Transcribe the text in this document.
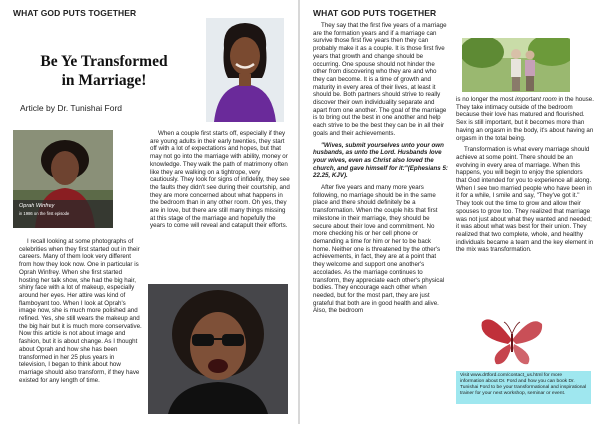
WHAT GOD PUTS TOGETHER
Be Ye Transformed
in Marriage!
Article by Dr. Tunishai Ford
Oprah Winfrey
in 1986 on the first episode

I recall looking at some photographs of celebrities when they first started out in their careers. Many of them look very different from how they look now. One in particular is Oprah Winfrey. When she first started hosting her talk show, she had the big hair, shiny face with a lot of makeup, especially around her eyes. Her attire was kind of flamboyant too. When I look at Oprah's image now, she is much more polished and refined. Yes, she still wears the makeup and the big hair but it is much more conservative. Now this article is not about image and fashion, but it is about change. As I thought about Oprah and how she has been transformed in her 25 plus years in television, I began to think about how marriage should also transform, if they have existed for any length of time.

When a couple first starts off, especially if they are young adults in their early twenties, they start off with a lot of expectations and hopes, but that may not go into the marriage with ability, money or knowledge. They walk the path of matrimony often like they are walking on a tightrope, very cautiously. They look for signs of infidelity, they see the faults they didn't see during their courtship, and they are more concerned about what happens in the bedroom than in any other room. Oh yes, they are in love, but there are still many things missing at this stage of the marriage and hopefully the years to come will reveal and catapult their efforts.

WHAT GOD PUTS TOGETHER

They say that the first five years of a marriage are the formation years and if a marriage can survive those first five years then they can probably make it as a couple. It is those first five years that growth and change should be occurring. One spouse should not hinder the other from discovering who they are and who they can become. It is a time of growth and maturity in every area of their lives, at least it should be. Both partners should strive to really discover their own individuality separate and apart from one another. The goal of the marriage is to bring out the best in one another and help each strive to be the best they can be in all their goals and their achievements.

"Wives, submit yourselves unto your own husbands, as unto the Lord. Husbands love your wives, even as Christ also loved the church, and gave himself for it:"(Ephesians 5: 22.25, KJV).

After five years and many more years following, no marriage should be in the same place and there should definitely be a transformation. When the couple hits that first milestone in their marriage, they should be secure about their love and commitment. No more checking his or her cell phone or demanding a time for him or her to be back home. Neither one is threatened by the other's achievements, in fact, they are at a point that they welcome and support one another's accolades. As the marriage continues to transform, they appreciate each other's physical bodies. They encourage each other when needed, but for the most part, they are just grateful that both are in good health and alive. Also, the bedroom

is no longer the most important room in the house. They take intimacy outside of the bedroom because their love has matured and flourished. Sex is still important, but it becomes more than having an orgasm in the body, it's about having an orgasm in the total being.

Transformation is what every marriage should achieve at some point. There should be an evolving in every area of marriage. When this happens, you will begin to enjoy the splendors that God intended for you to experience all along. When I see two married people who have been in it for a while, I smile and say, "They've got it." They took out the time to grow and allow their spouses to grow too. They realized that marriage was not just about what they wanted and needed; it was about what was best for their union. They realized that two complete, whole, and healthy individuals became a team and the key element in the mix was transformation.

Visit www.drtford.com/contact_us.html for more information about Dr. Ford and how you can book Dr. Tunishai Ford to be your transformational and inspirational trainer for your next workshop, seminar or event.
